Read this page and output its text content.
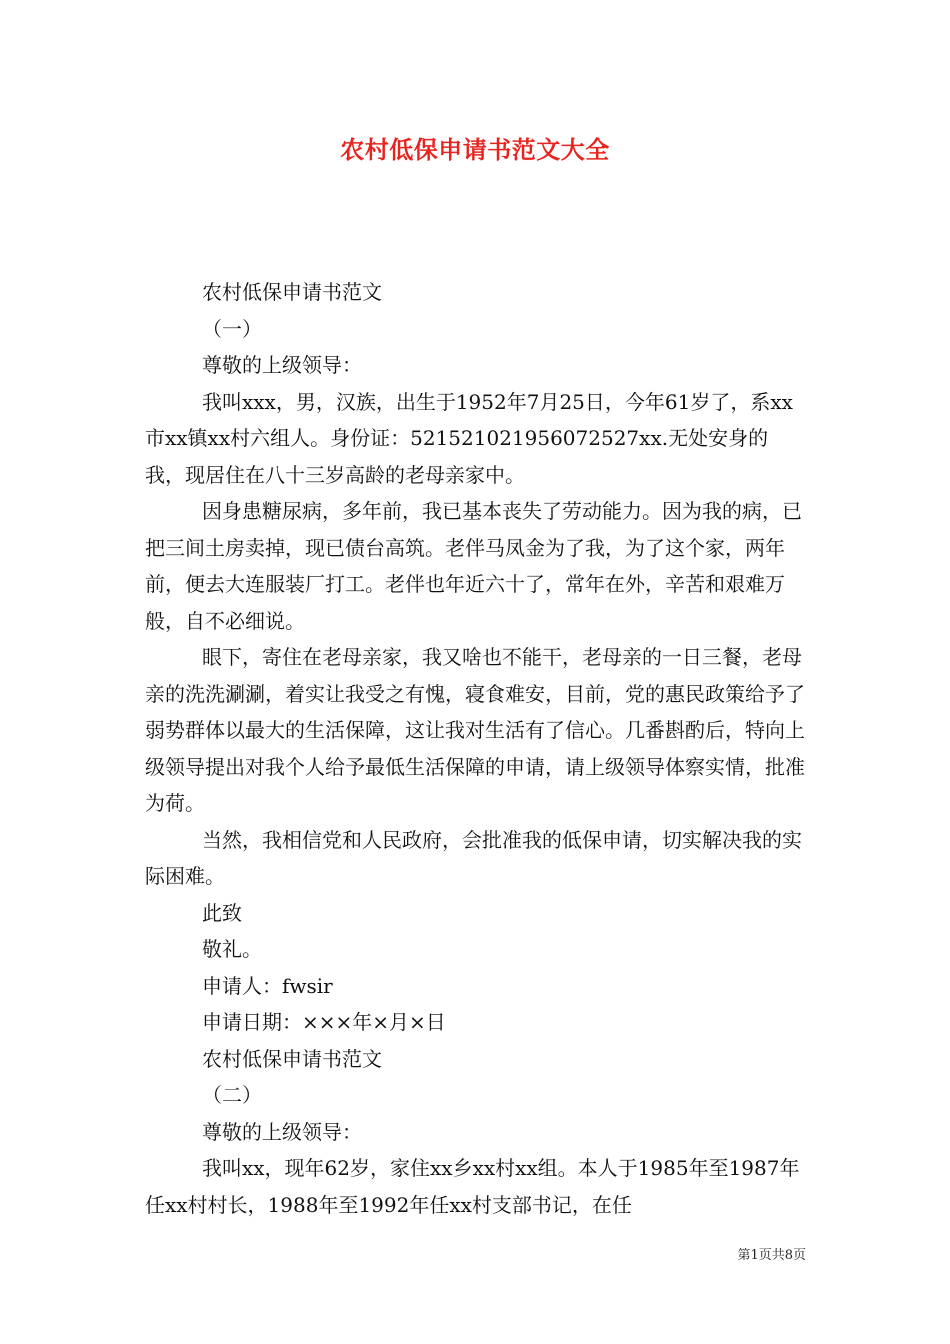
农村低保申请书范文大全

农村低保申请书范文

（一）

尊敬的上级领导：

我叫xxx，男，汉族，出生于1952年7月25日，今年61岁了，系xx市xx镇xx村六组人。身份证：52152102195607252​7xx.无处安身的我，现居住在八十三岁高龄的老母亲家中。

因身患糖尿病，多年前，我已基本丧失了劳动能力。因为我的病，已把三间土房卖掉，现已债台高筑。老伴马凤金为了我，为了这个家，两年前，便去大连服装厂打工。老伴也年近六十了，常年在外，辛苦和艰难万般，自不必细说。

眼下，寄住在老母亲家，我又啥也不能干，老母亲的一日三餐，老母亲的洗洗涮涮，着实让我受之有愧，寝食难安，目前，党的惠民政策给予了弱势群体以最大的生活保障，这让我对生活有了信心。几番斟酌后，特向上级领导提出对我个人给予最低生活保障的申请，请上级领导体察实情，批准为荷。

当然，我相信党和人民政府，会批准我的低保申请，切实解决我的实际困难。

此致

敬礼。

申请人：fwsir

申请日期：×××年×月×日

农村低保申请书范文

（二）

尊敬的上级领导：

我叫xx，现年62岁，家住xx乡xx村xx组。本人于1985年至1987年任xx村村长，1988年至1992年任xx村支部书记，在任

第1页共8页
